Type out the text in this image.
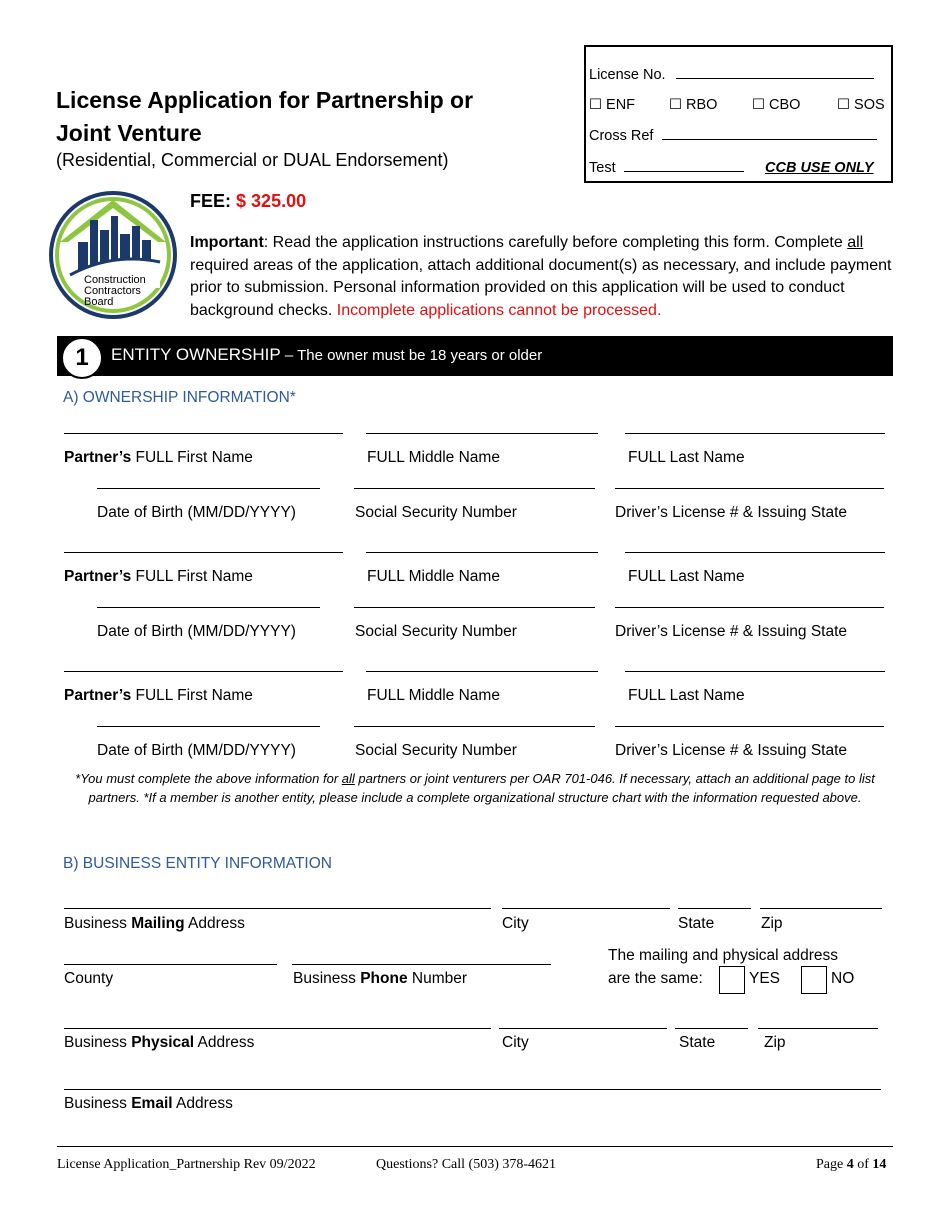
License Application for Partnership or Joint Venture
(Residential, Commercial or DUAL Endorsement)
License No.
☐ ENF ☐ RBO ☐ CBO	☐ SOS
Cross Ref
Test	CCB USE ONLY
Construction
Contractors
Board
FEE: $ 325.00
Important: Read the application instructions carefully before completing this form. Complete all required areas of the application, attach additional document(s) as necessary, and include payment prior to submission. Personal information provided on this application will be used to conduct background checks. Incomplete applications cannot be processed.
1	ENTITY OWNERSHIP – The owner must be 18 years or older
A) OWNERSHIP INFORMATION*
Partner’s FULL First Name	FULL Middle Name	FULL Last Name
Date of Birth (MM/DD/YYYY)	Social Security Number	Driver’s License # & Issuing State
Partner’s FULL First Name	FULL Middle Name	FULL Last Name
Date of Birth (MM/DD/YYYY)	Social Security Number	Driver’s License # & Issuing State
Partner’s FULL First Name	FULL Middle Name	FULL Last Name
Date of Birth (MM/DD/YYYY)	Social Security Number	Driver’s License # & Issuing State
*You must complete the above information for all partners or joint venturers per OAR 701-046. If necessary, attach an additional page to list partners. *If a member is another entity, please include a complete organizational structure chart with the information requested above.
B) BUSINESS ENTITY INFORMATION
Business Mailing Address	City	State	Zip
County	Business Phone Number
The mailing and physical address
are the same:	YES	NO
Business Physical Address	City	State	Zip
Business Email Address
License Application_Partnership Rev 09/2022	Questions? Call (503) 378-4621	Page 4 of 14
